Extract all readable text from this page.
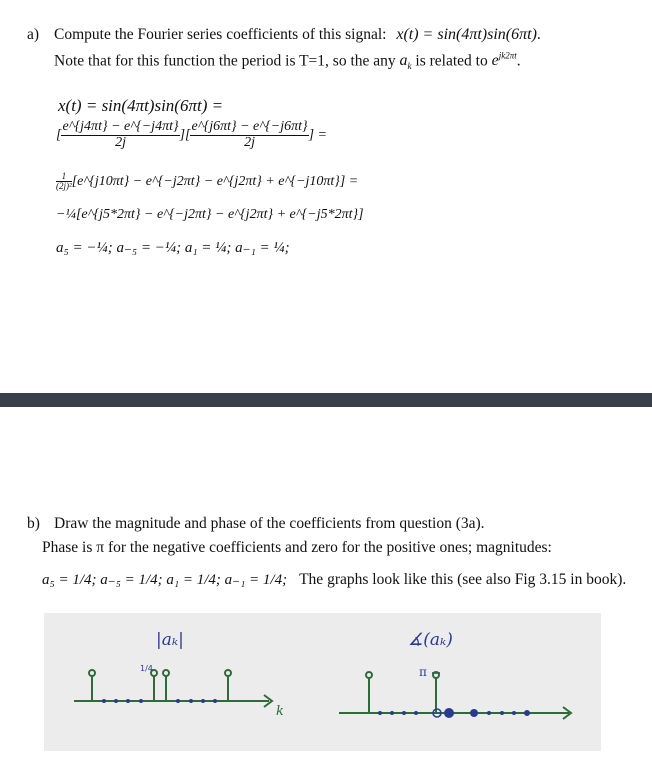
a) Compute the Fourier series coefficients of this signal: x(t) = sin(4πt)sin(6πt).
Note that for this function the period is T=1, so the any $a_k$ is related to $e^{jk2\pi t}$.
x(t) = sin(4πt)sin(6πt) =
[ $\frac{e\^{}\{j4\pi t\} - e\^{}\{-j4\pi t\}}{2j}$ ][ $\frac{e\^{}\{j6\pi t\} - e\^{}\{-j6\pi t\}}{2j}$ ] =
$\frac{1}{\text{(2j)²}}$ [e^{j10πt} − e^{−j2πt} − e^{j2πt} + e^{−j10πt}] =
−¼[e^{j5*2πt} − e^{−j2πt} − e^{j2πt} + e^{−j5*2πt}]
a₅ = −¼; a₋₅ = −¼; a₁ = ¼; a₋₁ = ¼;
b) Draw the magnitude and phase of the coefficients from question (3a).
Phase is π for the negative coefficients and zero for the positive ones; magnitudes:
a₅ = 1/4; a₋₅ = 1/4; a₁ = 1/4; a₋₁ = 1/4; The graphs look like this (see also Fig 3.15 in book).
|aₖ|
k
1/4
∡(aₖ)
π
